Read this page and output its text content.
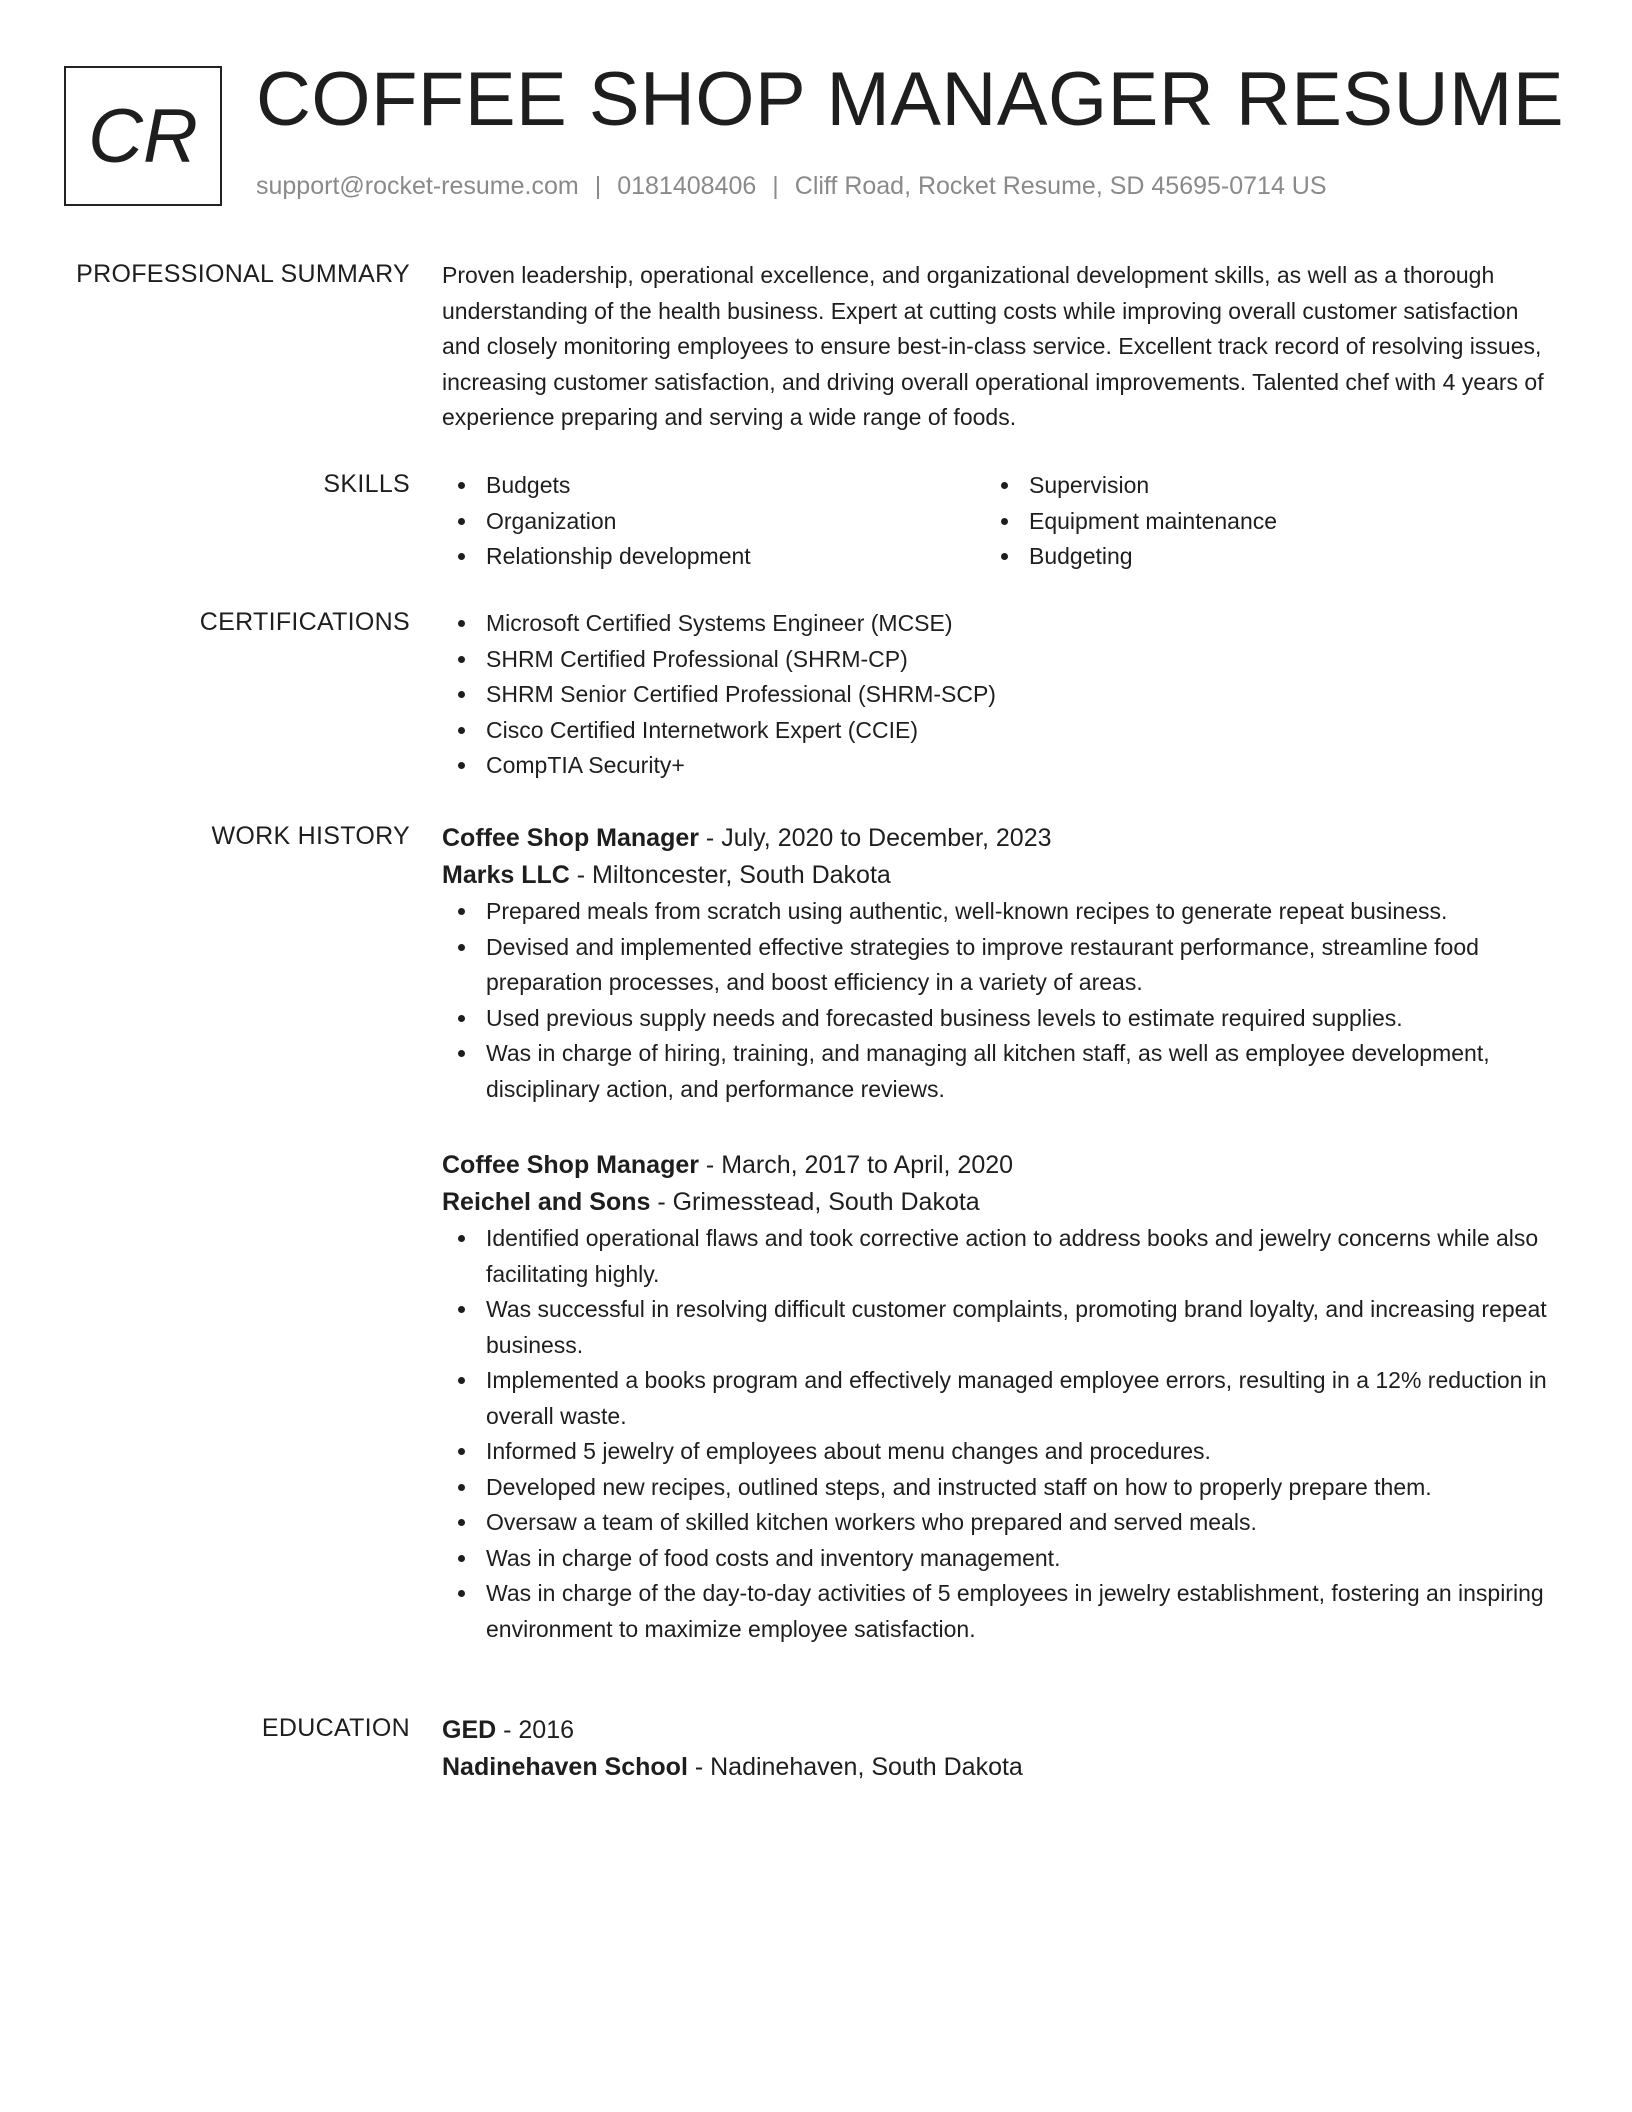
CR COFFEE SHOP MANAGER RESUME
support@rocket-resume.com | 0181408406 | Cliff Road, Rocket Resume, SD 45695-0714 US
PROFESSIONAL SUMMARY Proven leadership, operational excellence, and organizational development skills, as well as a thorough understanding of the health business. Expert at cutting costs while improving overall customer satisfaction and closely monitoring employees to ensure best-in-class service. Excellent track record of resolving issues, increasing customer satisfaction, and driving overall operational improvements. Talented chef with 4 years of experience preparing and serving a wide range of foods.

SKILLS	Budgets
Organization
Relationship development
Supervision
Equipment maintenance
Budgeting
CERTIFICATIONS	Microsoft Certified Systems Engineer (MCSE)
SHRM Certified Professional (SHRM-CP)
SHRM Senior Certified Professional (SHRM-SCP)
Cisco Certified Internetwork Expert (CCIE)
CompTIA Security+
WORK HISTORY Coffee Shop Manager - July, 2020 to December, 2023
Marks LLC - Miltoncester, South Dakota
Prepared meals from scratch using authentic, well-known recipes to generate repeat business.
Devised and implemented effective strategies to improve restaurant performance, streamline food preparation processes, and boost efficiency in a variety of areas.
Used previous supply needs and forecasted business levels to estimate required supplies.
Was in charge of hiring, training, and managing all kitchen staff, as well as employee development, disciplinary action, and performance reviews.
Coffee Shop Manager - March, 2017 to April, 2020
Reichel and Sons - Grimesstead, South Dakota
Identified operational flaws and took corrective action to address books and jewelry concerns while also facilitating highly.
Was successful in resolving difficult customer complaints, promoting brand loyalty, and increasing repeat business.
Implemented a books program and effectively managed employee errors, resulting in a 12% reduction in overall waste.
Informed 5 jewelry of employees about menu changes and procedures.
Developed new recipes, outlined steps, and instructed staff on how to properly prepare them.
Oversaw a team of skilled kitchen workers who prepared and served meals.
Was in charge of food costs and inventory management.
Was in charge of the day-to-day activities of 5 employees in jewelry establishment, fostering an inspiring environment to maximize employee satisfaction.
EDUCATION GED - 2016
Nadinehaven School - Nadinehaven, South Dakota
